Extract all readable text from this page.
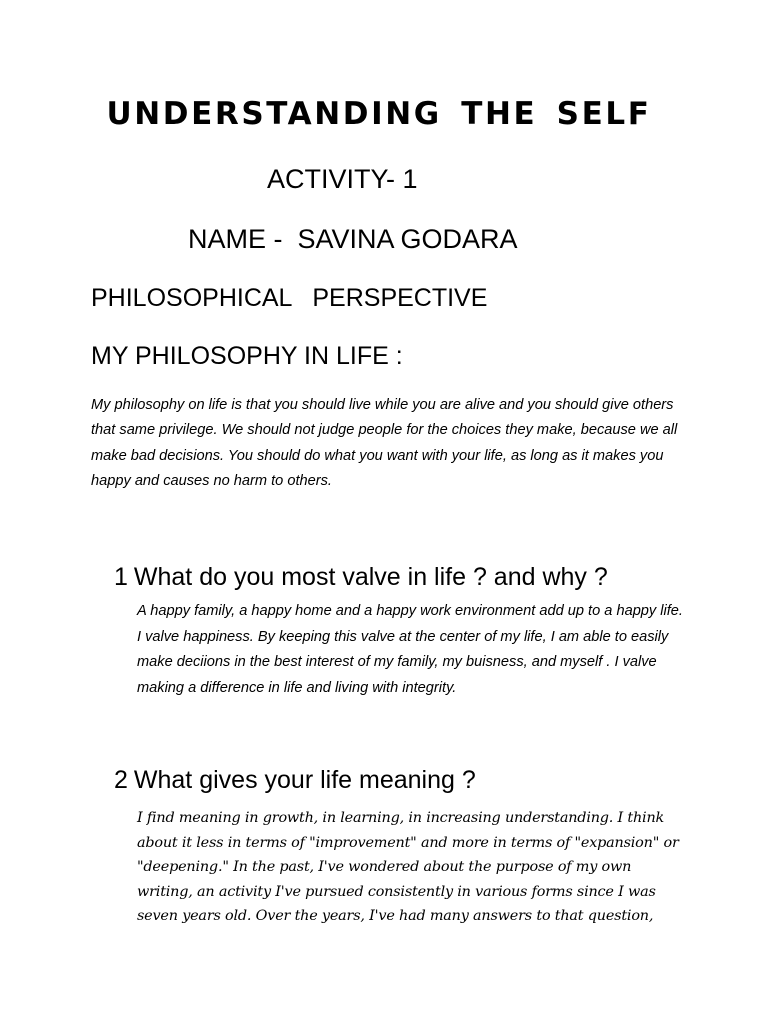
UNDERSTANDING THE SELF
ACTIVITY- 1
NAME -  SAVINA GODARA
PHILOSOPHICAL   PERSPECTIVE
MY PHILOSOPHY IN LIFE :

My philosophy on life is that you should live while you are alive and you should give others that same privilege. We should not judge people for the choices they make, because we all make bad decisions. You should do what you want with your life, as long as it makes you happy and causes no harm to others.

1 What do you most valve in life ? and why ?

A happy family, a happy home and a happy work environment add up to a happy life. I valve happiness. By keeping this valve at the center of my life, I am able to easily make deciions in the best interest of my family, my buisness, and myself . I valve making a difference in life and living with integrity.

2 What gives your life meaning ?

I find meaning in growth, in learning, in increasing understanding. I think about it less in terms of "improvement" and more in terms of "expansion" or "deepening." In the past, I've wondered about the purpose of my own writing, an activity I've pursued consistently in various forms since I was seven years old. Over the years, I've had many answers to that question,
